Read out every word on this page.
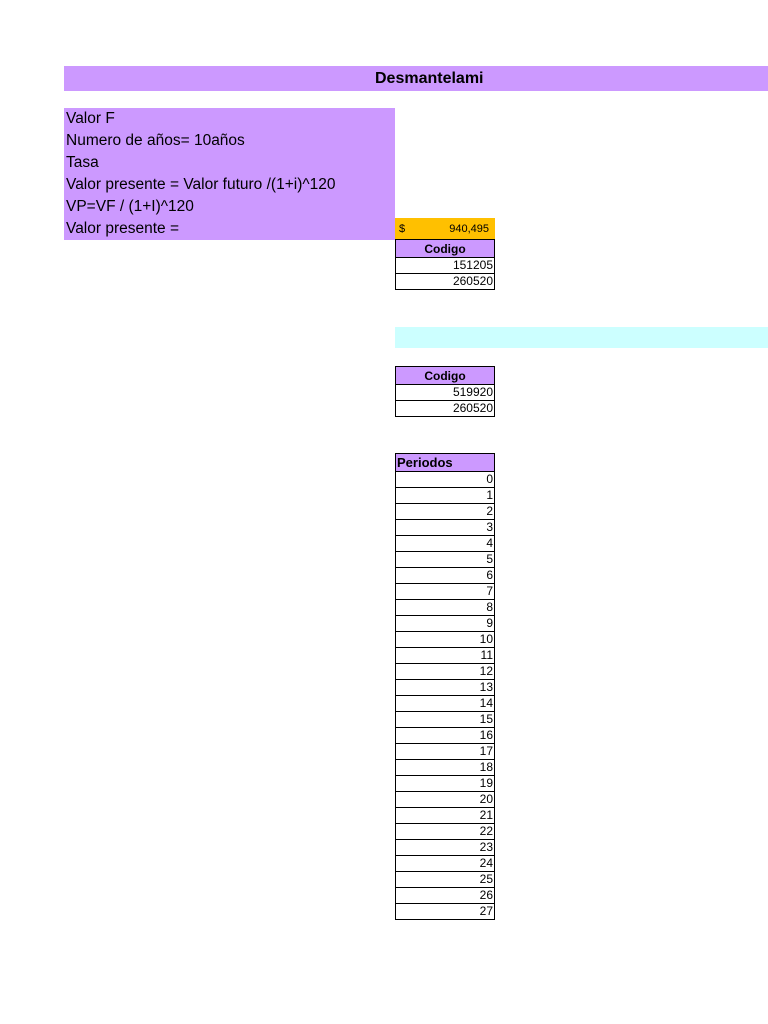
Desmantelami
Valor F
Numero de años= 10años
Tasa
Valor presente = Valor futuro /(1+i)^120
VP=VF / (1+I)^120
Valor presente =	$	940,495
Codigo
151205
260520
Codigo
519920
260520
Periodos
0
1
2
3
4
5
6
7
8
9
10
11
12
13
14
15
16
17
18
19
20
21
22
23
24
25
26
27
